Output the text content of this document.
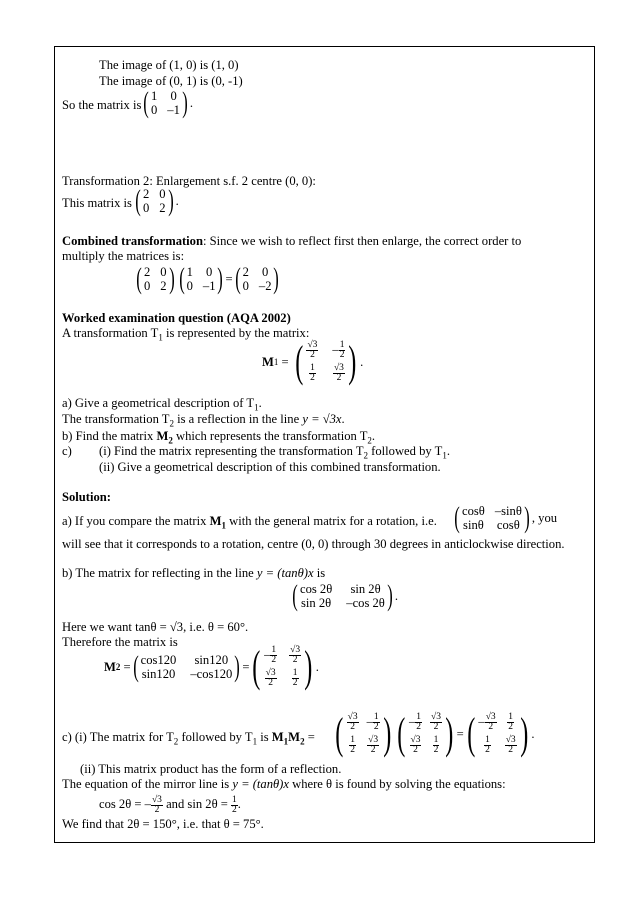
The image of (1, 0) is (1, 0)
The image of (0, 1) is (0, -1)
So the matrix is ( 1 0
0 –1 ) .
Transformation 2: Enlargement s.f. 2 centre (0, 0):
This matrix is ( 2 0
0 2 ) .
Combined transformation: Since we wish to reflect first then enlarge, the correct order to
multiply the matrices is:
( 2 0
0 2 ) ( 1 0
0 –1 ) = ( 2 0
0 –2 )
Worked examination question (AQA 2002)
A transformation $T_1$ is represented by the matrix:
M 1 = ( $\frac{√3}{2} - \frac{1}{2}$
$\frac{1}{2} \frac{√3}{2}$ ) .
a) Give a geometrical description of $T_1$.
The transformation $T_2$ is a reflection in the line y = √3x.
b) Find the matrix $M_2$ which represents the transformation $T_2$.
c) (i) Find the matrix representing the transformation $T_2$ followed by $T_1$.
(ii) Give a geometrical description of this combined transformation.
Solution:
a) If you compare the matrix $M_1$ with the general matrix for a rotation, i.e. ( cosθ –sinθ
sinθ cosθ ) , you
will see that it corresponds to a rotation, centre (0, 0) through 30 degrees in anticlockwise direction.
b) The matrix for reflecting in the line y = (tanθ)x is
( cos 2θ	sin 2θ
sin 2θ –cos 2θ ) .
Here we want tanθ = √3, i.e. θ = 60°.
Therefore the matrix is
M 2 = ( cos120	sin120
sin120 –cos120 ) = ( – $\frac{1}{2} √3$
2
√3
2
1
2 ) .
c) (i) The matrix for $T_2$ followed by $T_1$ is $M_1M_2$ = ( √3
$2 - \frac{1}{2}$
1
2
√3
2 ) ( – $\frac{1}{2} √3$
2
√3
2
1
2 ) = ( – $\frac{√3}{2} 1$
2
1
2
√3
2 ) .
(ii) This matrix product has the form of a reflection.
The equation of the mirror line is y = (tanθ)x where θ is found by solving the equations:
cos 2θ = – $\frac{√3}{2}$ and $\sin 2\theta = \frac{1}{2}$ .
We find that 2θ = 150°, i.e. that θ = 75°.
